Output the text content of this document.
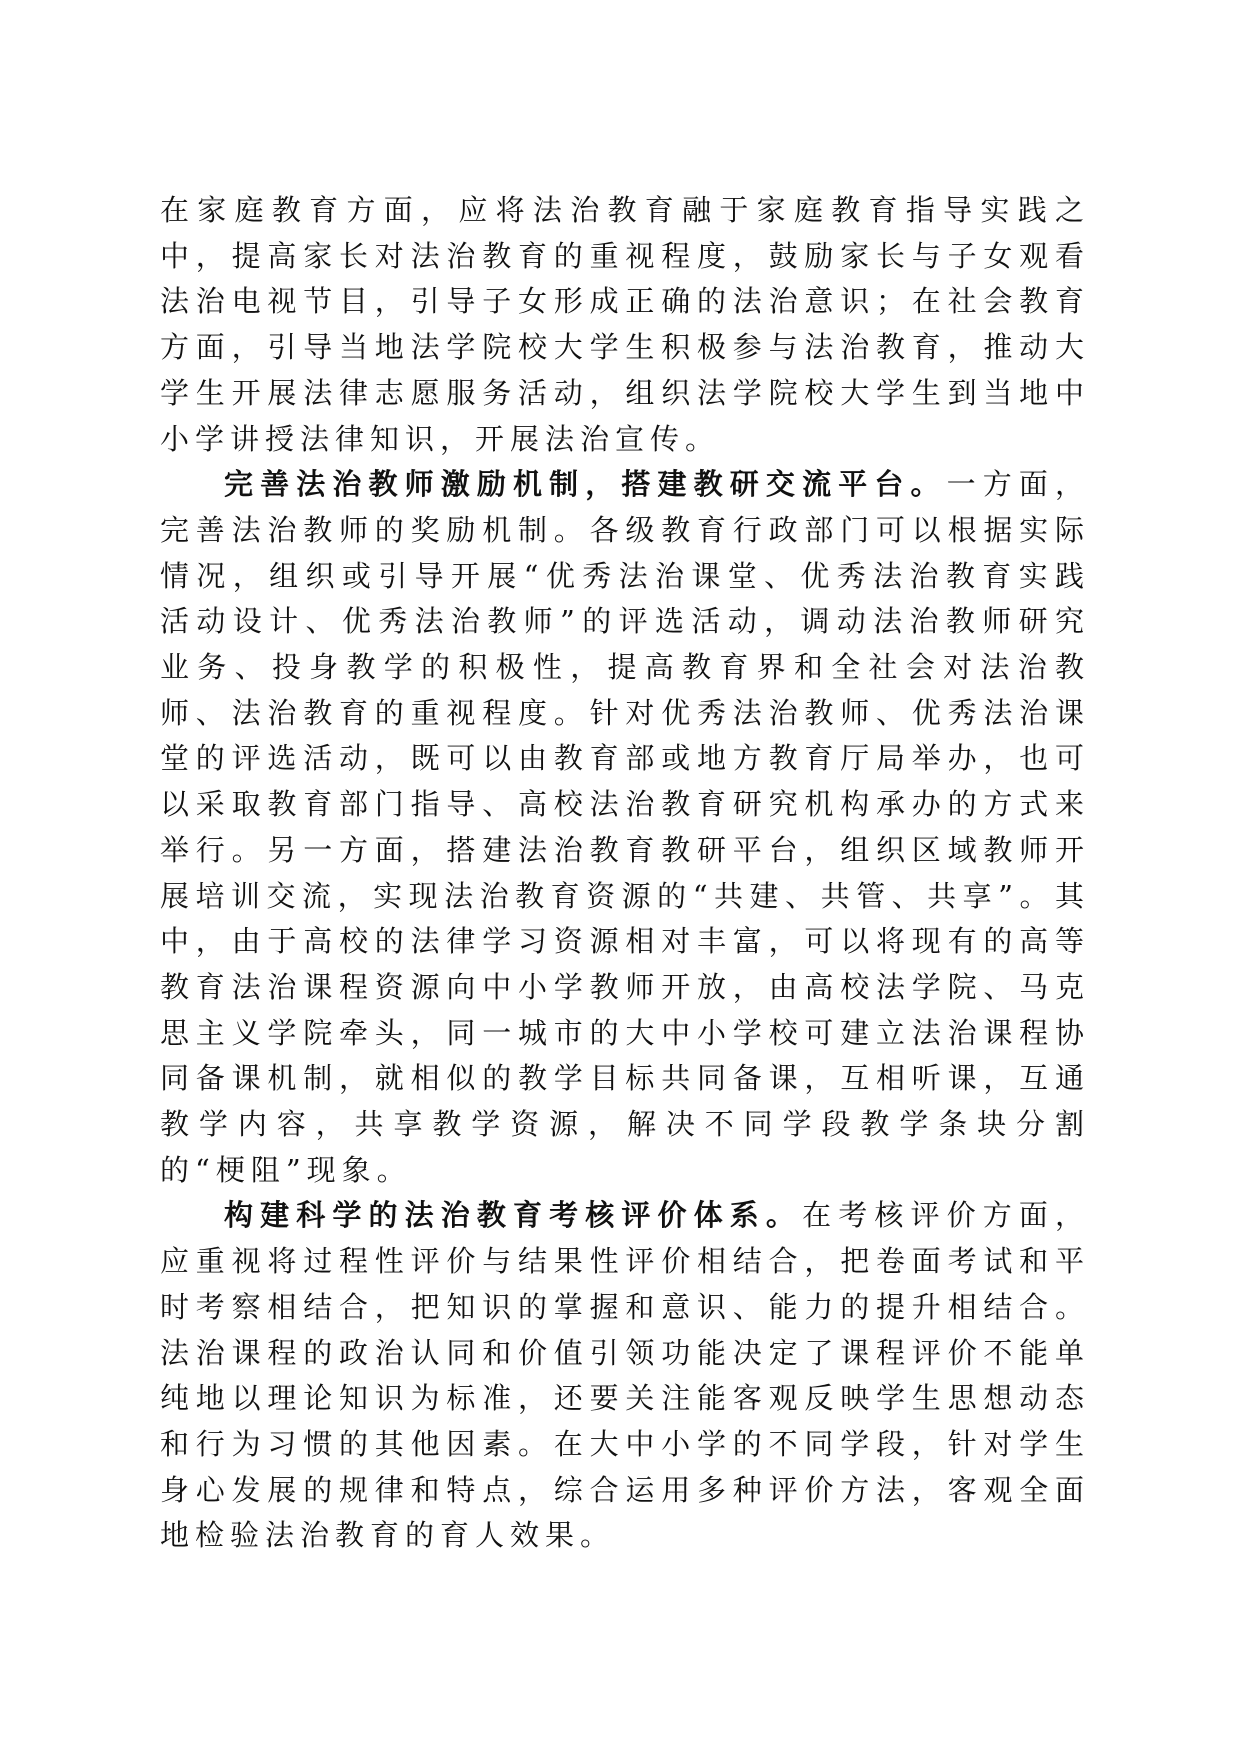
在家庭教育方面，应将法治教育融于家庭教育指导实践之中，提高家长对法治教育的重视程度，鼓励家长与子女观看法治电视节目，引导子女形成正确的法治意识；在社会教育方面，引导当地法学院校大学生积极参与法治教育，推动大学生开展法律志愿服务活动，组织法学院校大学生到当地中小学讲授法律知识，开展法治宣传。

完善法治教师激励机制，搭建教研交流平台。一方面，完善法治教师的奖励机制。各级教育行政部门可以根据实际情况，组织或引导开展“优秀法治课堂、优秀法治教育实践活动设计、优秀法治教师”的评选活动，调动法治教师研究业务、投身教学的积极性，提高教育界和全社会对法治教师、法治教育的重视程度。针对优秀法治教师、优秀法治课堂的评选活动，既可以由教育部或地方教育厅局举办，也可以采取教育部门指导、高校法治教育研究机构承办的方式来举行。另一方面，搭建法治教育教研平台，组织区域教师开展培训交流，实现法治教育资源的“共建、共管、共享”。其中，由于高校的法律学习资源相对丰富，可以将现有的高等教育法治课程资源向中小学教师开放，由高校法学院、马克思主义学院牵头，同一城市的大中小学校可建立法治课程协同备课机制，就相似的教学目标共同备课，互相听课，互通教学内容，共享教学资源，解决不同学段教学条块分割的“梗阻”现象。

构建科学的法治教育考核评价体系。在考核评价方面，应重视将过程性评价与结果性评价相结合，把卷面考试和平时考察相结合，把知识的掌握和意识、能力的提升相结合。法治课程的政治认同和价值引领功能决定了课程评价不能单纯地以理论知识为标准，还要关注能客观反映学生思想动态和行为习惯的其他因素。在大中小学的不同学段，针对学生身心发展的规律和特点，综合运用多种评价方法，客观全面地检验法治教育的育人效果。
